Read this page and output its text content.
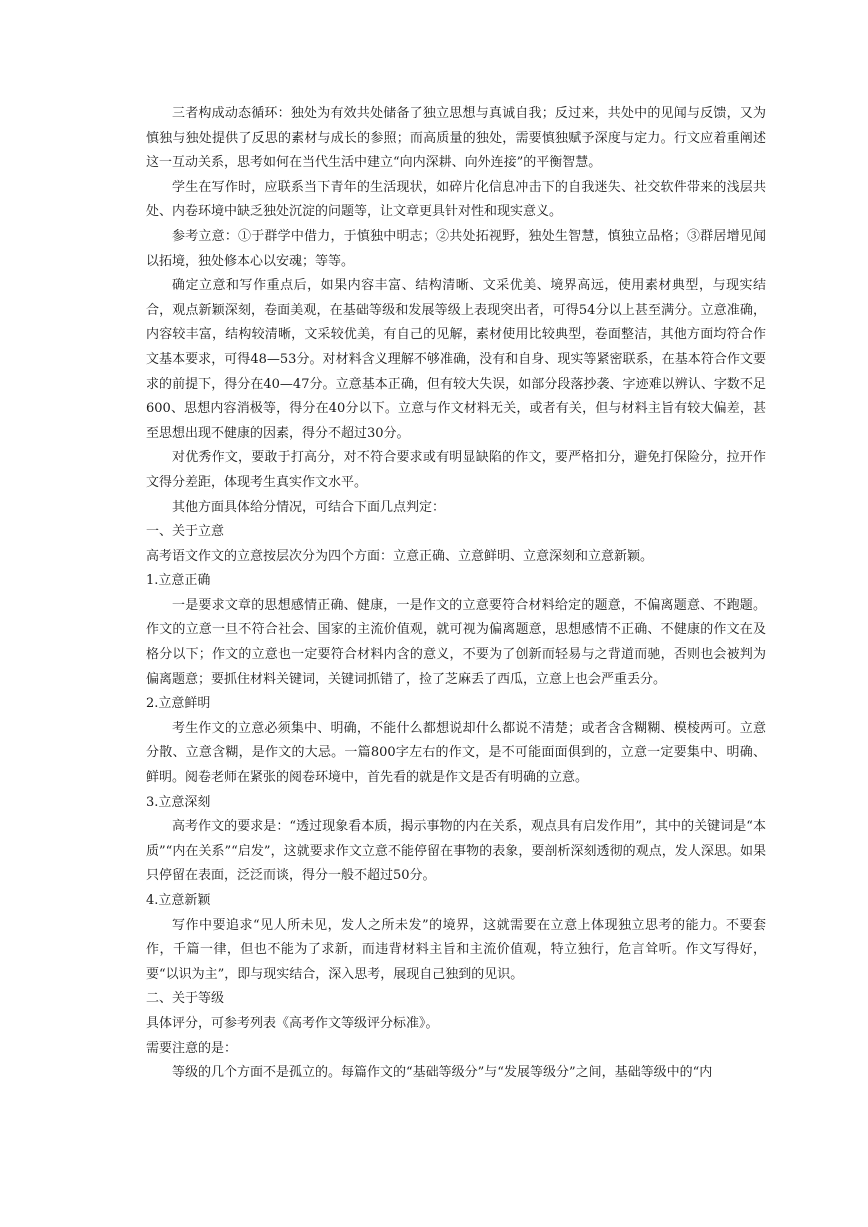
三者构成动态循环：独处为有效共处储备了独立思想与真诚自我；反过来，共处中的见闻与反馈，又为慎独与独处提供了反思的素材与成长的参照；而高质量的独处，需要慎独赋予深度与定力。行文应着重阐述这一互动关系，思考如何在当代生活中建立“向内深耕、向外连接”的平衡智慧。

学生在写作时，应联系当下青年的生活现状，如碎片化信息冲击下的自我迷失、社交软件带来的浅层共处、内卷环境中缺乏独处沉淀的问题等，让文章更具针对性和现实意义。

参考立意：①于群学中借力，于慎独中明志；②共处拓视野，独处生智慧，慎独立品格；③群居增见闻以拓境，独处修本心以安魂；等等。

确定立意和写作重点后，如果内容丰富、结构清晰、文采优美、境界高远，使用素材典型，与现实结合，观点新颖深刻，卷面美观，在基础等级和发展等级上表现突出者，可得54分以上甚至满分。立意准确，内容较丰富，结构较清晰，文采较优美，有自己的见解，素材使用比较典型，卷面整洁，其他方面均符合作文基本要求，可得48—53分。对材料含义理解不够准确，没有和自身、现实等紧密联系，在基本符合作文要求的前提下，得分在40—47分。立意基本正确，但有较大失误，如部分段落抄袭、字迹难以辨认、字数不足600、思想内容消极等，得分在40分以下。立意与作文材料无关，或者有关，但与材料主旨有较大偏差，甚至思想出现不健康的因素，得分不超过30分。

对优秀作文，要敢于打高分，对不符合要求或有明显缺陷的作文，要严格扣分，避免打保险分，拉开作文得分差距，体现考生真实作文水平。

其他方面具体给分情况，可结合下面几点判定：

一、关于立意

高考语文作文的立意按层次分为四个方面：立意正确、立意鲜明、立意深刻和立意新颖。

1.立意正确

一是要求文章的思想感情正确、健康，一是作文的立意要符合材料给定的题意，不偏离题意、不跑题。作文的立意一旦不符合社会、国家的主流价值观，就可视为偏离题意，思想感情不正确、不健康的作文在及格分以下；作文的立意也一定要符合材料内含的意义，不要为了创新而轻易与之背道而驰，否则也会被判为偏离题意；要抓住材料关键词，关键词抓错了，捡了芝麻丢了西瓜，立意上也会严重丢分。

2.立意鲜明

考生作文的立意必须集中、明确，不能什么都想说却什么都说不清楚；或者含含糊糊、模棱两可。立意分散、立意含糊，是作文的大忌。一篇800字左右的作文，是不可能面面俱到的，立意一定要集中、明确、鲜明。阅卷老师在紧张的阅卷环境中，首先看的就是作文是否有明确的立意。

3.立意深刻

高考作文的要求是：“透过现象看本质，揭示事物的内在关系，观点具有启发作用”，其中的关键词是“本质”“内在关系”“启发”，这就要求作文立意不能停留在事物的表象，要剖析深刻透彻的观点，发人深思。如果只停留在表面，泛泛而谈，得分一般不超过50分。

4.立意新颖

写作中要追求“见人所未见，发人之所未发”的境界，这就需要在立意上体现独立思考的能力。不要套作，千篇一律，但也不能为了求新，而违背材料主旨和主流价值观，特立独行，危言耸听。作文写得好，要“以识为主”，即与现实结合，深入思考，展现自己独到的见识。

二、关于等级

具体评分，可参考列表《高考作文等级评分标准》。

需要注意的是：

等级的几个方面不是孤立的。每篇作文的“基础等级分”与“发展等级分”之间，基础等级中的“内
